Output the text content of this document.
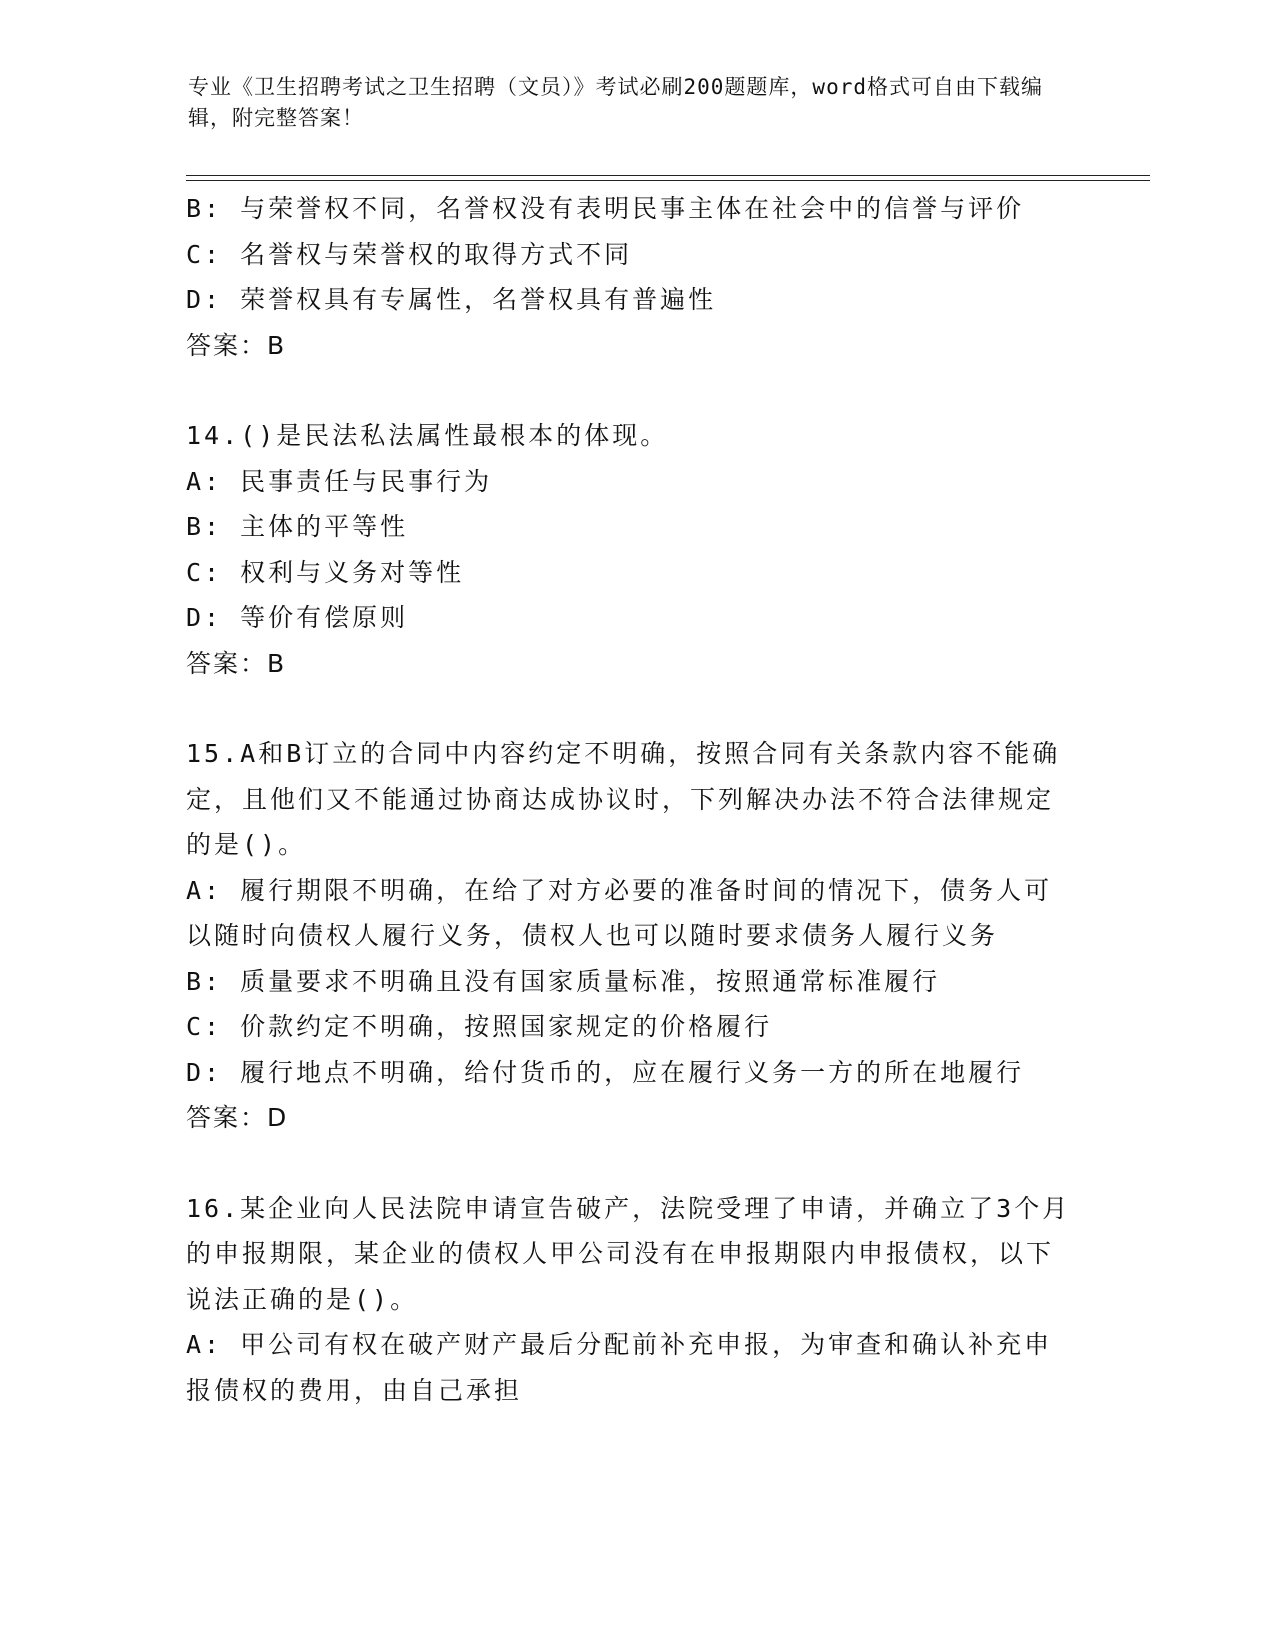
专业《卫生招聘考试之卫生招聘（文员）》考试必刷200题题库，word格式可自由下载编辑，附完整答案！

B: 与荣誉权不同，名誉权没有表明民事主体在社会中的信誉与评价

C: 名誉权与荣誉权的取得方式不同

D: 荣誉权具有专属性，名誉权具有普遍性

答案：B

14.()是民法私法属性最根本的体现。

A: 民事责任与民事行为

B: 主体的平等性

C: 权利与义务对等性

D: 等价有偿原则

答案：B

15.A和B订立的合同中内容约定不明确，按照合同有关条款内容不能确定，且他们又不能通过协商达成协议时，下列解决办法不符合法律规定的是()。

A: 履行期限不明确，在给了对方必要的准备时间的情况下，债务人可以随时向债权人履行义务，债权人也可以随时要求债务人履行义务

B: 质量要求不明确且没有国家质量标准，按照通常标准履行

C: 价款约定不明确，按照国家规定的价格履行

D: 履行地点不明确，给付货币的，应在履行义务一方的所在地履行

答案：D

16.某企业向人民法院申请宣告破产，法院受理了申请，并确立了3个月的申报期限，某企业的债权人甲公司没有在申报期限内申报债权，以下说法正确的是()。

A: 甲公司有权在破产财产最后分配前补充申报，为审查和确认补充申报债权的费用，由自己承担
